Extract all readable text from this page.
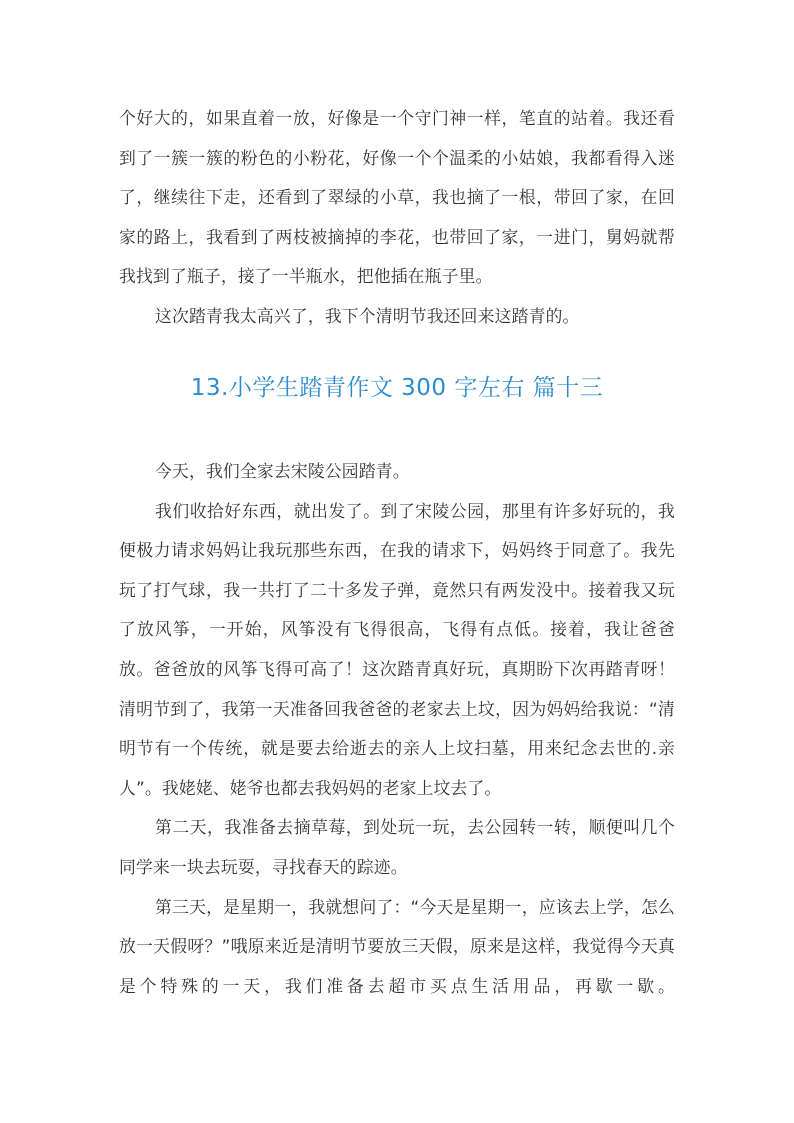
个好大的，如果直着一放，好像是一个守门神一样，笔直的站着。我还看到了一簇一簇的粉色的小粉花，好像一个个温柔的小姑娘，我都看得入迷了，继续往下走，还看到了翠绿的小草，我也摘了一根，带回了家，在回家的路上，我看到了两枝被摘掉的李花，也带回了家，一进门，舅妈就帮我找到了瓶子，接了一半瓶水，把他插在瓶子里。

这次踏青我太高兴了，我下个清明节我还回来这踏青的。

13.小学生踏青作文 300 字左右 篇十三

今天，我们全家去宋陵公园踏青。

我们收拾好东西，就出发了。到了宋陵公园，那里有许多好玩的，我便极力请求妈妈让我玩那些东西，在我的请求下，妈妈终于同意了。我先玩了打气球，我一共打了二十多发子弹，竟然只有两发没中。接着我又玩了放风筝，一开始，风筝没有飞得很高，飞得有点低。接着，我让爸爸放。爸爸放的风筝飞得可高了！这次踏青真好玩，真期盼下次再踏青呀！清明节到了，我第一天准备回我爸爸的老家去上坟，因为妈妈给我说：“清明节有一个传统，就是要去给逝去的亲人上坟扫墓，用来纪念去世的.亲人”。我姥姥、姥爷也都去我妈妈的老家上坟去了。

第二天，我准备去摘草莓，到处玩一玩，去公园转一转，顺便叫几个同学来一块去玩耍，寻找春天的踪迹。

第三天，是星期一，我就想问了：“今天是星期一，应该去上学，怎么放一天假呀？”哦原来近是清明节要放三天假，原来是这样，我觉得今天真是个特殊的一天，我们准备去超市买点生活用品，再歇一歇。
